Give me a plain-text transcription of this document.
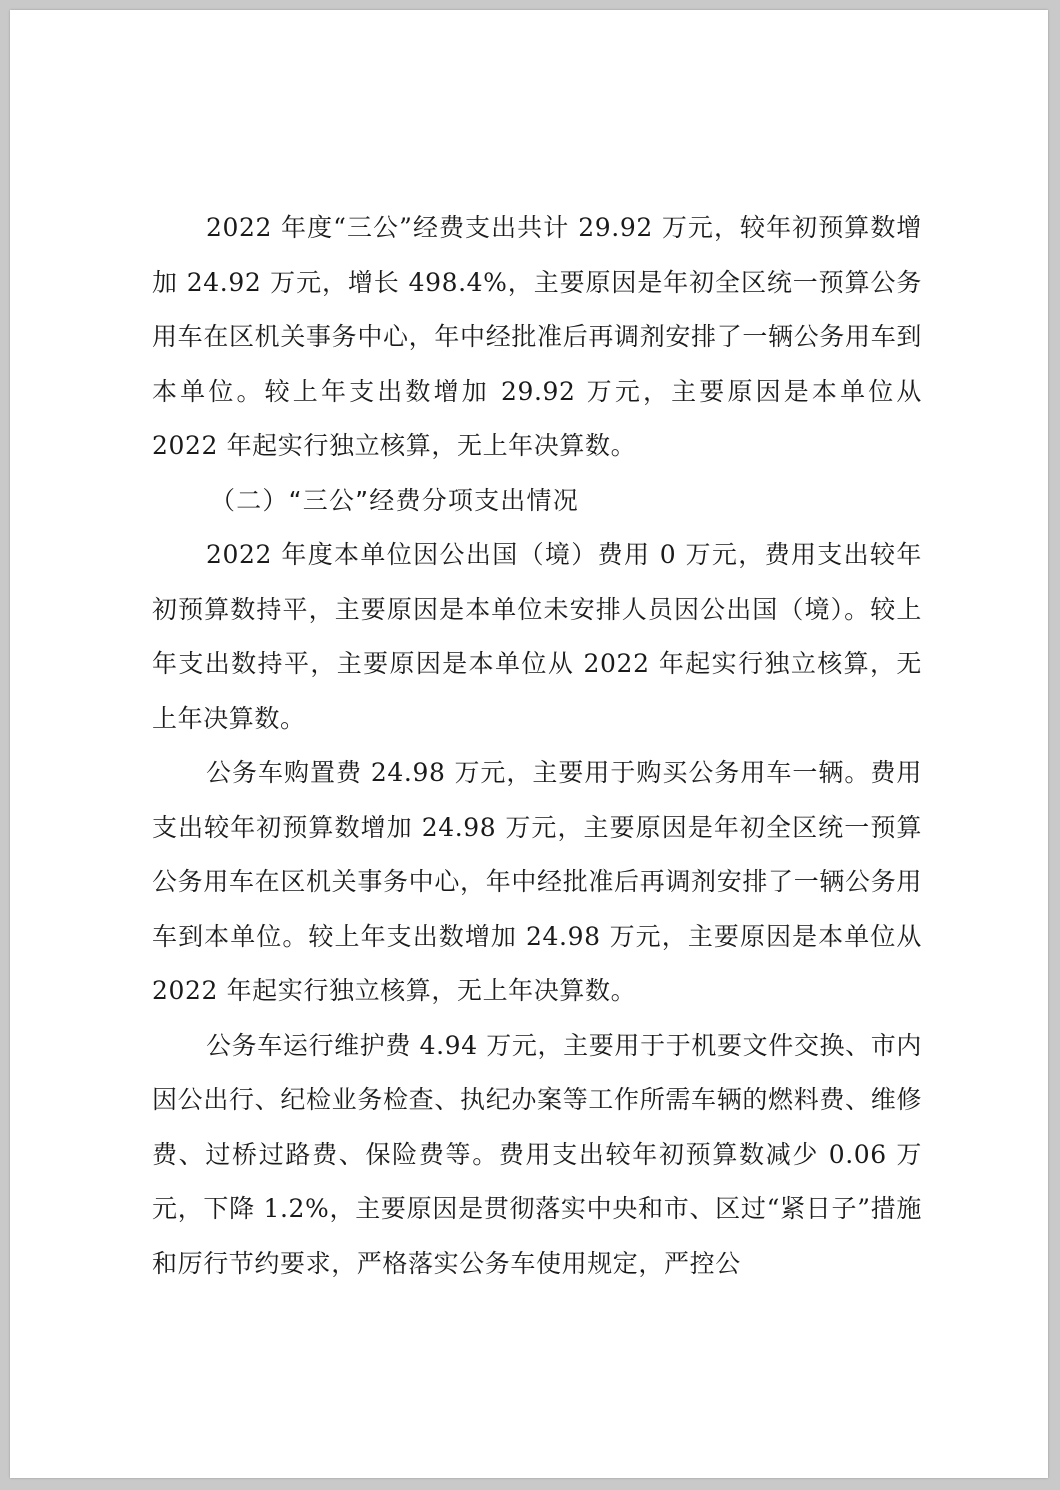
2022 年度“三公”经费支出共计 29.92 万元，较年初预算数增加 24.92 万元，增长 498.4%，主要原因是年初全区统一预算公务用车在区机关事务中心，年中经批准后再调剂安排了一辆公务用车到本单位。较上年支出数增加 29.92 万元，主要原因是本单位从 2022 年起实行独立核算，无上年决算数。

（二）“三公”经费分项支出情况

2022 年度本单位因公出国（境）费用 0 万元，费用支出较年初预算数持平，主要原因是本单位未安排人员因公出国（境）。较上年支出数持平，主要原因是本单位从 2022 年起实行独立核算，无上年决算数。

公务车购置费 24.98 万元，主要用于购买公务用车一辆。费用支出较年初预算数增加 24.98 万元，主要原因是年初全区统一预算公务用车在区机关事务中心，年中经批准后再调剂安排了一辆公务用车到本单位。较上年支出数增加 24.98 万元，主要原因是本单位从 2022 年起实行独立核算，无上年决算数。

公务车运行维护费 4.94 万元，主要用于于机要文件交换、市内因公出行、纪检业务检查、执纪办案等工作所需车辆的燃料费、维修费、过桥过路费、保险费等。费用支出较年初预算数减少 0.06 万元，下降 1.2%，主要原因是贯彻落实中央和市、区过“紧日子”措施和厉行节约要求，严格落实公务车使用规定，严控公
